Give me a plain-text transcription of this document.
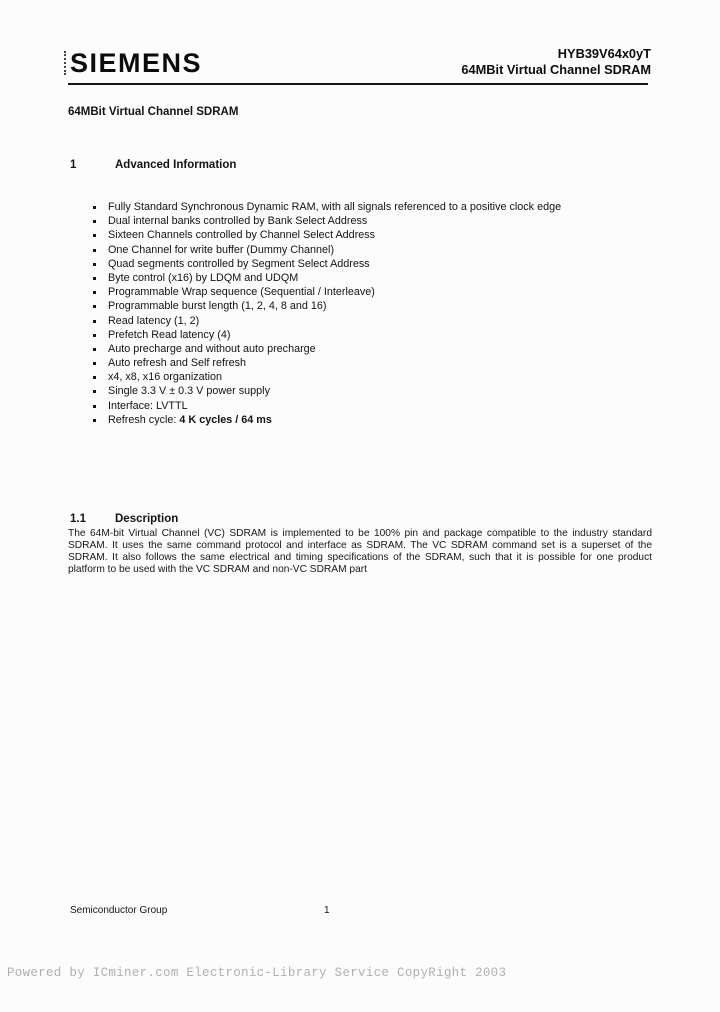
SIEMENS	HYB39V64x0yT
64MBit Virtual Channel SDRAM
64MBit Virtual Channel SDRAM
1	Advanced Information
Fully Standard Synchronous Dynamic RAM, with all signals referenced to a positive clock edge
Dual internal banks controlled by Bank Select Address
Sixteen Channels controlled by Channel Select Address
One Channel for write buffer (Dummy Channel)
Quad segments controlled by Segment Select Address
Byte control (x16) by LDQM and UDQM
Programmable Wrap sequence (Sequential / Interleave)
Programmable burst length (1, 2, 4, 8 and 16)
Read latency (1, 2)
Prefetch Read latency (4)
Auto precharge and without auto precharge
Auto refresh and Self refresh
x4, x8, x16 organization
Single 3.3 V ± 0.3 V power supply
Interface: LVTTL
Refresh cycle: 4 K cycles / 64 ms
1.1	Description
The 64M-bit Virtual Channel (VC) SDRAM is implemented to be 100% pin and package compatible to the industry standard SDRAM. It uses the same command protocol and interface as SDRAM. The VC SDRAM command set is a superset of the SDRAM. It also follows the same electrical and timing specifications of the SDRAM, such that it is possible for one product platform to be used with the VC SDRAM and non-VC SDRAM part
Semiconductor Group	1
Powered by ICminer.com Electronic-Library Service CopyRight 2003
